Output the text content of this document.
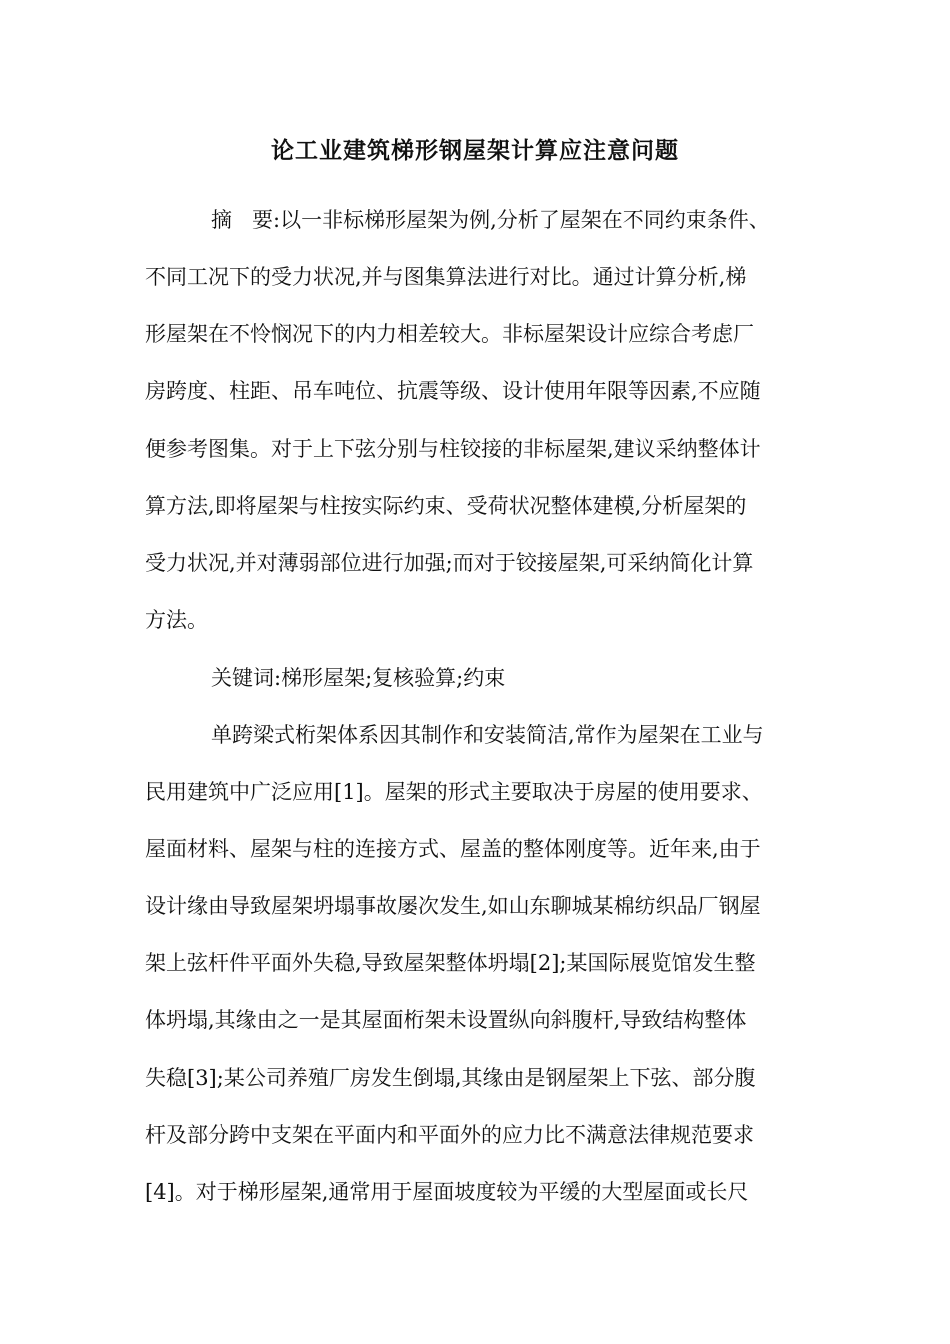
论工业建筑梯形钢屋架计算应注意问题

摘   要:以一非标梯形屋架为例,分析了屋架在不同约束条件、

不同工况下的受力状况,并与图集算法进行对比。通过计算分析,梯

形屋架在不怜悯况下的内力相差较大。非标屋架设计应综合考虑厂

房跨度、柱距、吊车吨位、抗震等级、设计使用年限等因素,不应随

便参考图集。对于上下弦分别与柱铰接的非标屋架,建议采纳整体计

算方法,即将屋架与柱按实际约束、受荷状况整体建模,分析屋架的

受力状况,并对薄弱部位进行加强;而对于铰接屋架,可采纳简化计算

方法。

关键词:梯形屋架;复核验算;约束

单跨梁式桁架体系因其制作和安装简洁,常作为屋架在工业与

民用建筑中广泛应用[1]。屋架的形式主要取决于房屋的使用要求、

屋面材料、屋架与柱的连接方式、屋盖的整体刚度等。近年来,由于

设计缘由导致屋架坍塌事故屡次发生,如山东聊城某棉纺织品厂钢屋

架上弦杆件平面外失稳,导致屋架整体坍塌[2];某国际展览馆发生整

体坍塌,其缘由之一是其屋面桁架未设置纵向斜腹杆,导致结构整体

失稳[3];某公司养殖厂房发生倒塌,其缘由是钢屋架上下弦、部分腹

杆及部分跨中支架在平面内和平面外的应力比不满意法律规范要求

[4]。对于梯形屋架,通常用于屋面坡度较为平缓的大型屋面或长尺
